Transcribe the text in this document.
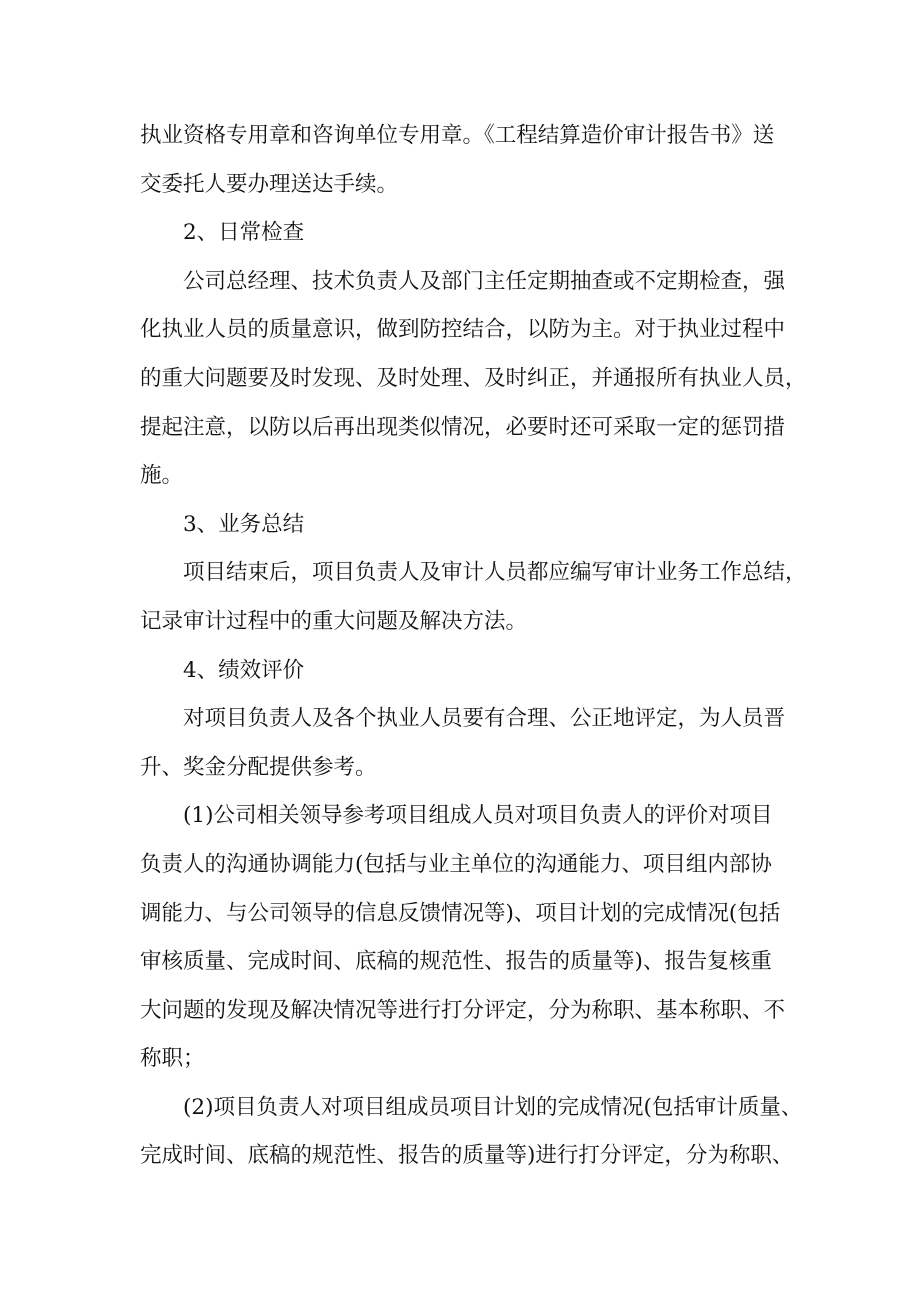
执业资格专用章和咨询单位专用章。《工程结算造价审计报告书》送

交委托人要办理送达手续。

2、日常检查

公司总经理、技术负责人及部门主任定期抽查或不定期检查，强

化执业人员的质量意识，做到防控结合，以防为主。对于执业过程中

的重大问题要及时发现、及时处理、及时纠正，并通报所有执业人员，

提起注意，以防以后再出现类似情况，必要时还可采取一定的惩罚措

施。

3、业务总结

项目结束后，项目负责人及审计人员都应编写审计业务工作总结，

记录审计过程中的重大问题及解决方法。

4、绩效评价

对项目负责人及各个执业人员要有合理、公正地评定，为人员晋

升、奖金分配提供参考。

(1)公司相关领导参考项目组成人员对项目负责人的评价对项目

负责人的沟通协调能力(包括与业主单位的沟通能力、项目组内部协

调能力、与公司领导的信息反馈情况等)、项目计划的完成情况(包括

审核质量、完成时间、底稿的规范性、报告的质量等)、报告复核重

大问题的发现及解决情况等进行打分评定，分为称职、基本称职、不

称职；

(2)项目负责人对项目组成员项目计划的完成情况(包括审计质量、

完成时间、底稿的规范性、报告的质量等)进行打分评定，分为称职、
